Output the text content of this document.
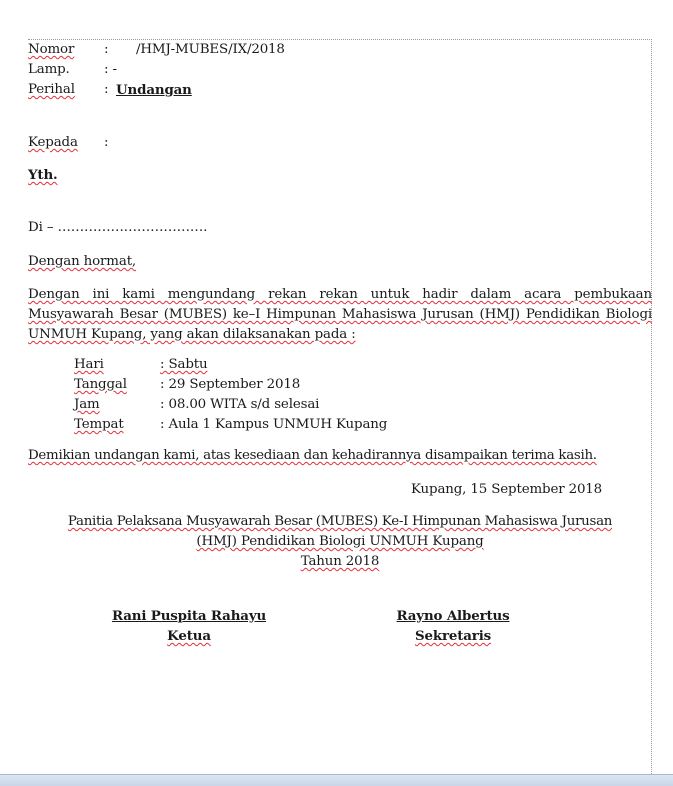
Nomor	:	/HMJ-MUBES/IX/2018
Lamp.	: -
Perihal	: Undangan
Kepada	:
Yth.
Di – …………………………….
Dengan hormat,
Dengan ini kami mengundang rekan rekan untuk hadir dalam acara pembukaan Musyawarah Besar (MUBES) ke–I Himpunan Mahasiswa Jurusan (HMJ) Pendidikan Biologi UNMUH Kupang, yang akan dilaksanakan pada :
Hari	: Sabtu
Tanggal	: 29 September 2018
Jam	: 08.00 WITA s/d selesai
Tempat	: Aula 1 Kampus UNMUH Kupang
Demikian undangan kami, atas kesediaan dan kehadirannya disampaikan terima kasih.
Kupang, 15 September 2018
Panitia Pelaksana Musyawarah Besar (MUBES) Ke-I Himpunan Mahasiswa Jurusan
(HMJ) Pendidikan Biologi UNMUH Kupang
Tahun 2018
Rani Puspita Rahayu
Ketua
Rayno Albertus
Sekretaris
